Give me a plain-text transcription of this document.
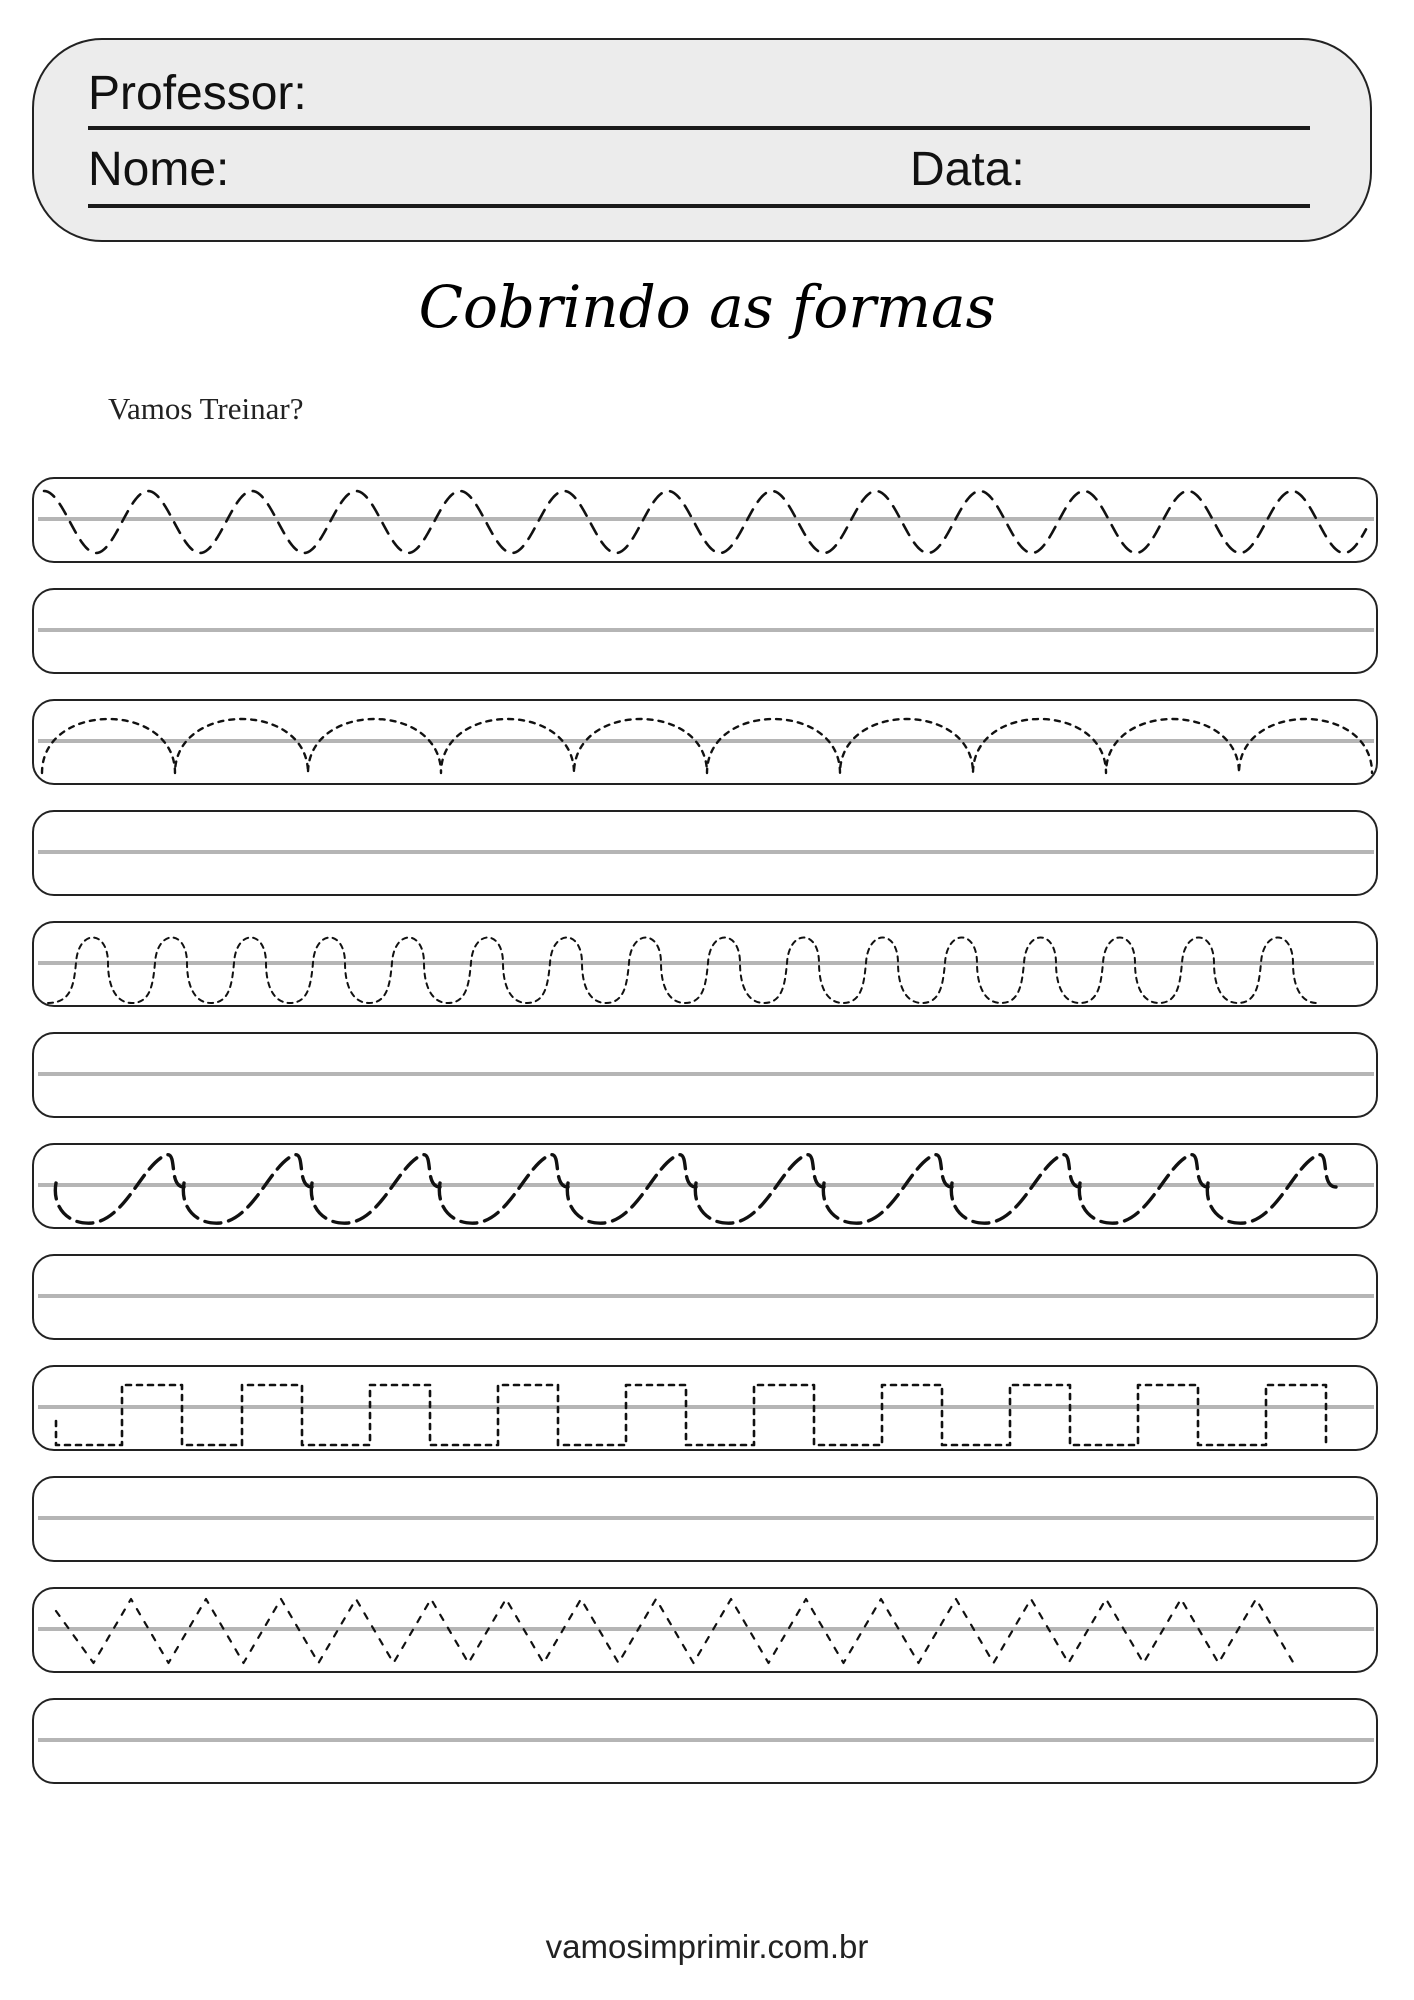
Professor:
Nome:	Data:
Cobrindo as formas
Vamos Treinar?
vamosimprimir.com.br
